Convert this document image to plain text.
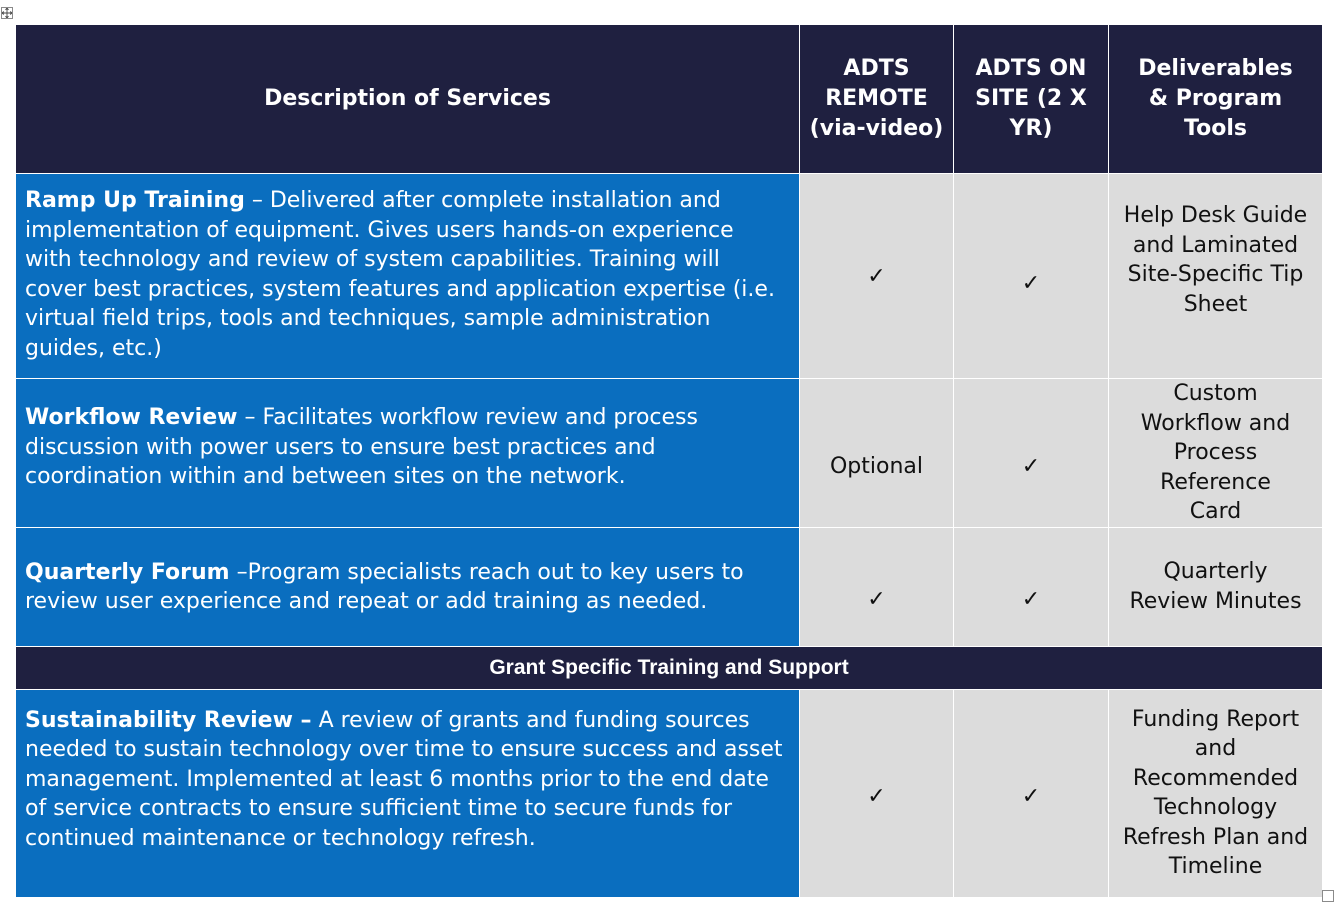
Description of Services	ADTS REMOTE (via-video)	ADTS ON SITE (2 X YR)	Deliverables & Program Tools
Ramp Up Training – Delivered after complete installation and implementation of equipment. Gives users hands-on experience with technology and review of system capabilities. Training will cover best practices, system features and application expertise (i.e. virtual field trips, tools and techniques, sample administration guides, etc.)	✓	✓	Help Desk Guide and Laminated Site-Specific Tip Sheet
Workflow Review – Facilitates workflow review and process discussion with power users to ensure best practices and coordination within and between sites on the network.	Optional	✓	Custom Workflow and Process Reference Card
Quarterly Forum –Program specialists reach out to key users to review user experience and repeat or add training as needed.	✓	✓	Quarterly Review Minutes
Grant Specific Training and Support			
Sustainability Review – A review of grants and funding sources needed to sustain technology over time to ensure success and asset management. Implemented at least 6 months prior to the end date of service contracts to ensure sufficient time to secure funds for continued maintenance or technology refresh.	✓	✓	Funding Report and Recommended Technology Refresh Plan and Timeline
